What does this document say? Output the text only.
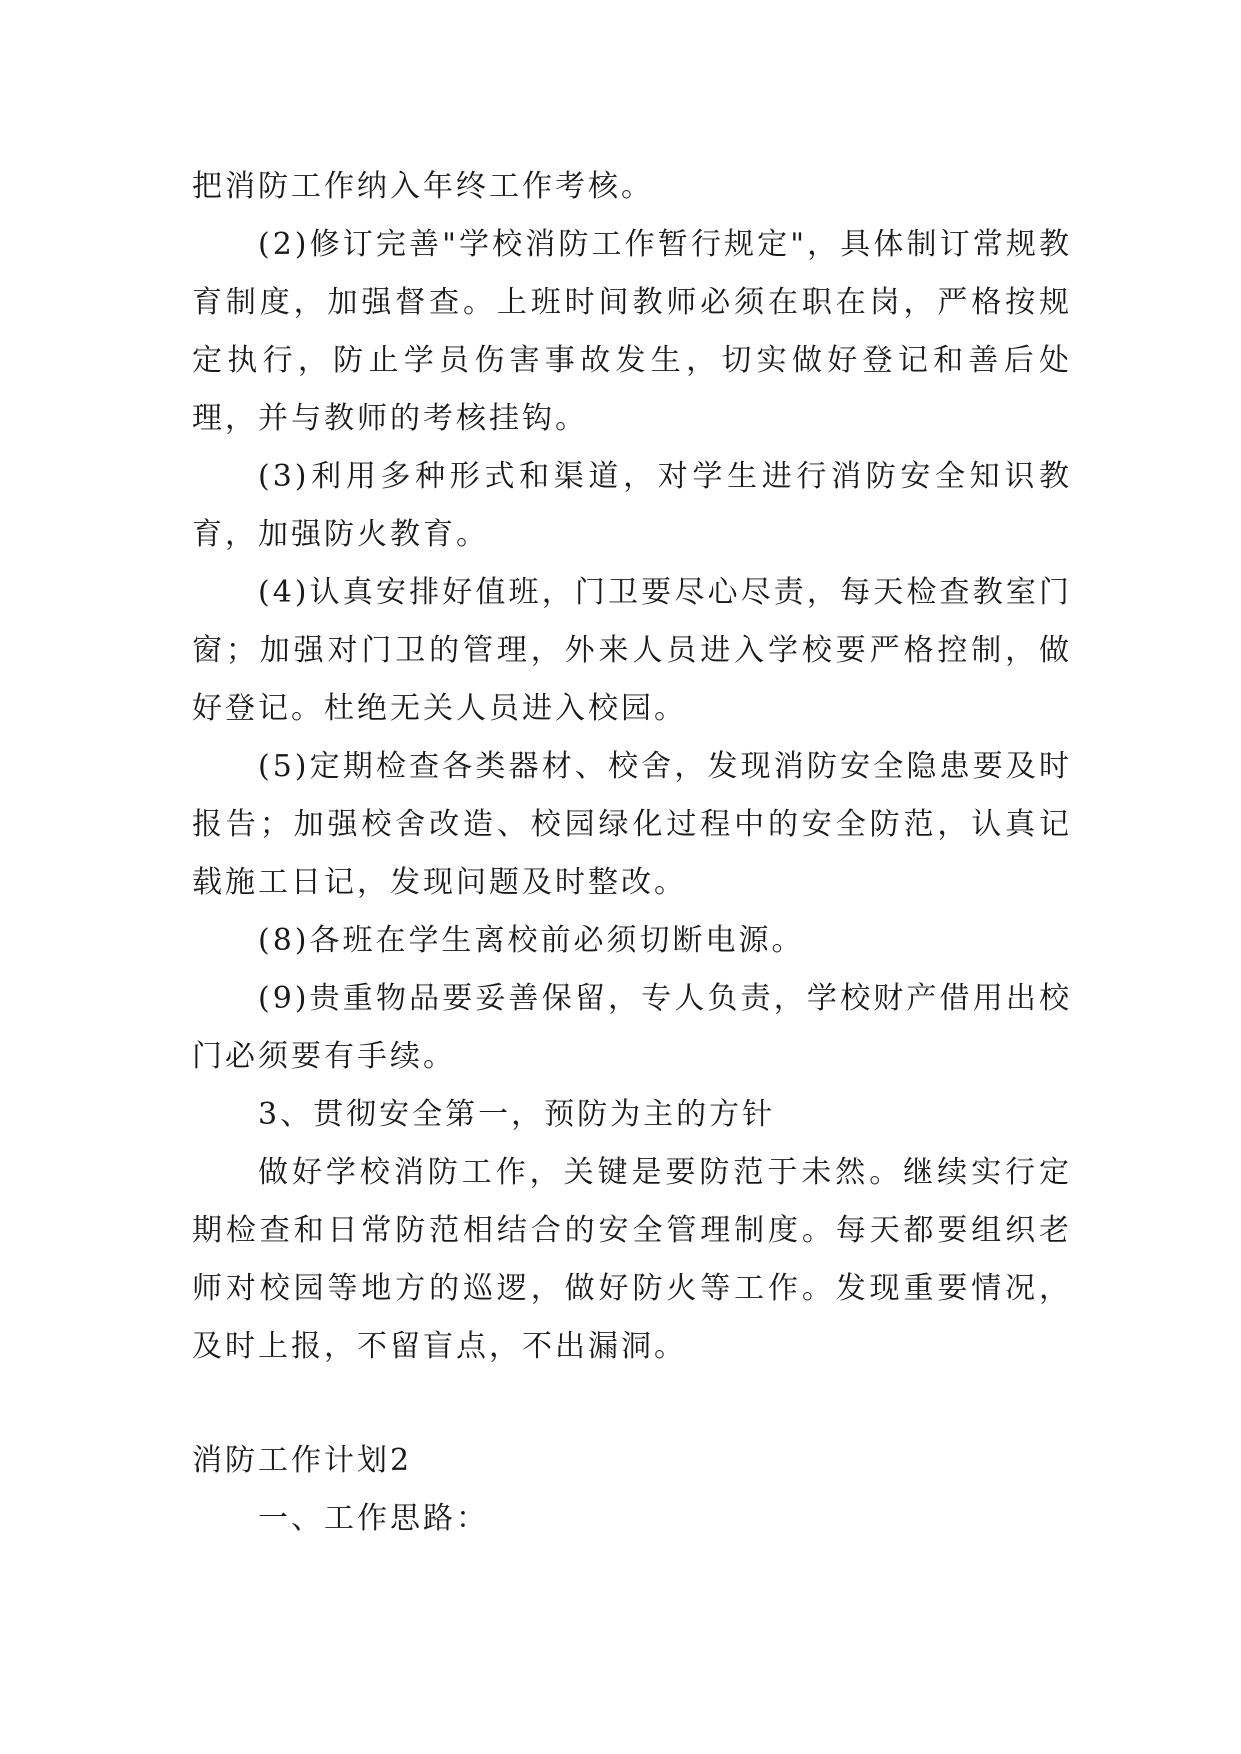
把消防工作纳入年终工作考核。

(2)修订完善"学校消防工作暂行规定"，具体制订常规教育制度，加强督查。上班时间教师必须在职在岗，严格按规定执行，防止学员伤害事故发生，切实做好登记和善后处理，并与教师的考核挂钩。

(3)利用多种形式和渠道，对学生进行消防安全知识教育，加强防火教育。

(4)认真安排好值班，门卫要尽心尽责，每天检查教室门窗；加强对门卫的管理，外来人员进入学校要严格控制，做好登记。杜绝无关人员进入校园。

(5)定期检查各类器材、校舍，发现消防安全隐患要及时报告；加强校舍改造、校园绿化过程中的安全防范，认真记载施工日记，发现问题及时整改。

(8)各班在学生离校前必须切断电源。

(9)贵重物品要妥善保留，专人负责，学校财产借用出校门必须要有手续。

3、贯彻安全第一，预防为主的方针

做好学校消防工作，关键是要防范于未然。继续实行定期检查和日常防范相结合的安全管理制度。每天都要组织老师对校园等地方的巡逻，做好防火等工作。发现重要情况，及时上报，不留盲点，不出漏洞。

消防工作计划2

一、工作思路：
